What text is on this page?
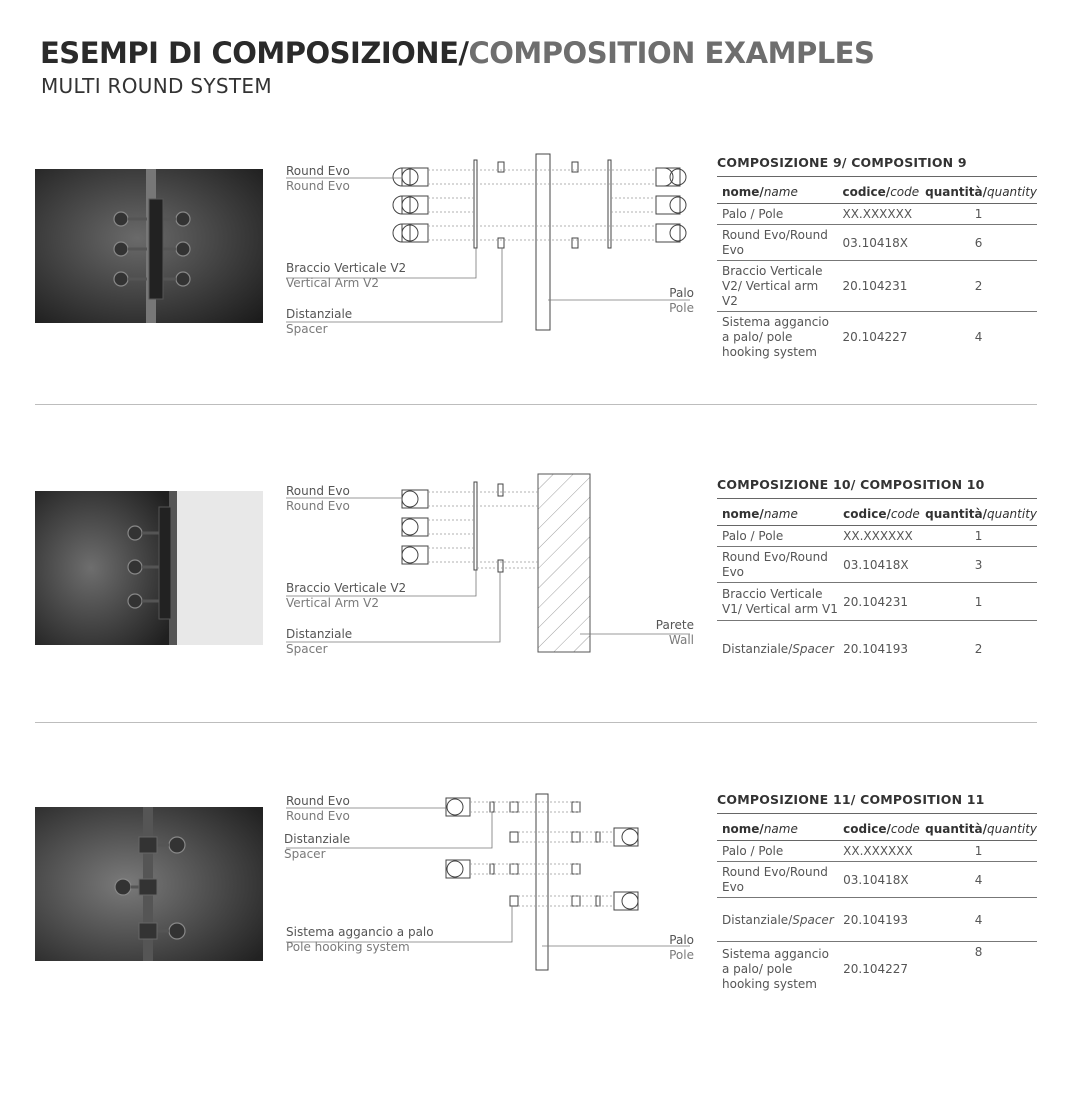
ESEMPI DI COMPOSIZIONE/COMPOSITION EXAMPLES
MULTI ROUND SYSTEM
Round Evo
Round Evo
Braccio Verticale V2
Vertical Arm V2
Distanziale
Spacer
Palo
Pole
COMPOSIZIONE 9/ COMPOSITION 9
nome/name	codice/code	quantità/quantity
Palo / Pole	XX.XXXXXX	1
Round Evo/Round Evo	03.10418X	6
Braccio Verticale V2/ Vertical arm V2	20.104231	2
Sistema aggancio a palo/ pole hooking system	20.104227	4
Round Evo
Round Evo
Braccio Verticale V2
Vertical Arm V2
Distanziale
Spacer
Parete
Wall
COMPOSIZIONE 10/ COMPOSITION 10
nome/name	codice/code	quantità/quantity
Palo / Pole	XX.XXXXXX	1
Round Evo/Round Evo	03.10418X	3
Braccio Verticale V1/ Vertical arm V1	20.104231	1
Distanziale/Spacer	20.104193	2
Round Evo
Round Evo
Distanziale
Spacer
Sistema aggancio a palo
Pole hooking system	Palo
Pole
COMPOSIZIONE 11/ COMPOSITION 11
nome/name	codice/code	quantità/quantity
Palo / Pole	XX.XXXXXX	1
Round Evo/Round Evo	03.10418X	4
Distanziale/Spacer	20.104193	4
Sistema aggancio a palo/ pole hooking system	20.104227	8
